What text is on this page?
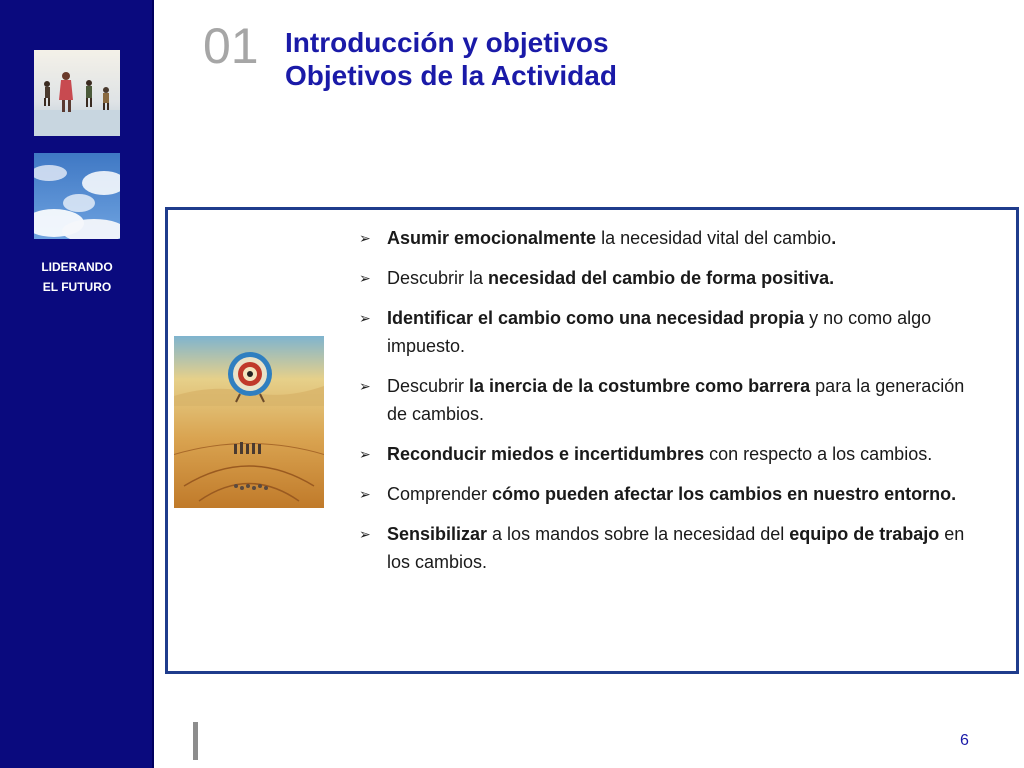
LIDERANDO
EL FUTURO
01 Introducción y objetivos
Objetivos de la Actividad
➢ Asumir emocionalmente la necesidad vital del cambio.
➢ Descubrir la necesidad del cambio de forma positiva.
➢ Identificar el cambio como una necesidad propia y no como algo impuesto.
➢ Descubrir la inercia de la costumbre como barrera para la generación de cambios.
➢ Reconducir miedos e incertidumbres con respecto a los cambios.
➢ Comprender cómo pueden afectar los cambios en nuestro entorno.
➢ Sensibilizar a los mandos sobre la necesidad del equipo de trabajo en los cambios.
6
